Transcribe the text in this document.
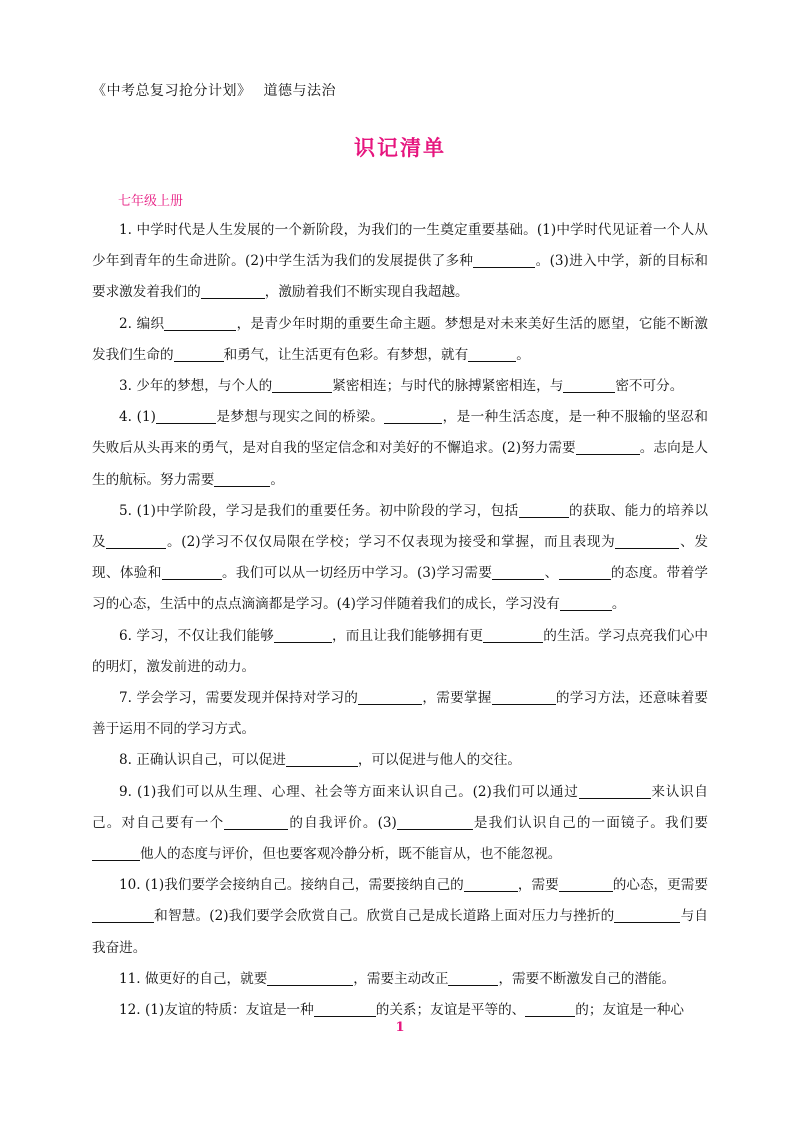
《中考总复习抢分计划》 道德与法治
识记清单
七年级上册

1. 中学时代是人生发展的一个新阶段，为我们的一生奠定重要基础。(1)中学时代见证着一个人从少年到青年的生命进阶。(2)中学生活为我们的发展提供了多种	。(3)进入中学，新的目标和要求激发着我们的	，激励着我们不断实现自我超越。

2. 编织	，是青少年时期的重要生命主题。梦想是对未来美好生活的愿望，它能不断激发我们生命的	和勇气，让生活更有色彩。有梦想，就有	。

3. 少年的梦想，与个人的	紧密相连；与时代的脉搏紧密相连，与	密不可分。

4. (1)	是梦想与现实之间的桥梁。	，是一种生活态度，是一种不服输的坚忍和失败后从头再来的勇气，是对自我的坚定信念和对美好的不懈追求。(2)努力需要	。志向是人生的航标。努力需要	。

5. (1)中学阶段，学习是我们的重要任务。初中阶段的学习，包括	的获取、能力的培养以及	。(2)学习不仅仅局限在学校；学习不仅表现为接受和掌握，而且表现为	、发现、体验和	。我们可以从一切经历中学习。(3)学习需要	、	的态度。带着学习的心态，生活中的点点滴滴都是学习。(4)学习伴随着我们的成长，学习没有	。

6. 学习，不仅让我们能够	，而且让我们能够拥有更	的生活。学习点亮我们心中的明灯，激发前进的动力。

7. 学会学习，需要发现并保持对学习的	，需要掌握	的学习方法，还意味着要善于运用不同的学习方式。

8. 正确认识自己，可以促进	，可以促进与他人的交往。

9. (1)我们可以从生理、心理、社会等方面来认识自己。(2)我们可以通过	来认识自己。对自己要有一个	的自我评价。(3)	是我们认识自己的一面镜子。我们要他人的态度与评价，但也要客观冷静分析，既不能盲从，也不能忽视。

10. (1)我们要学会接纳自己。接纳自己，需要接纳自己的	，需要	的心态，更需要和智慧。(2)我们要学会欣赏自己。欣赏自己是成长道路上面对压力与挫折的	与自我奋进。

11. 做更好的自己，就要	，需要主动改正	，需要不断激发自己的潜能。

12. (1)友谊的特质：友谊是一种	的关系；友谊是平等的、	的；友谊是一种心

1
